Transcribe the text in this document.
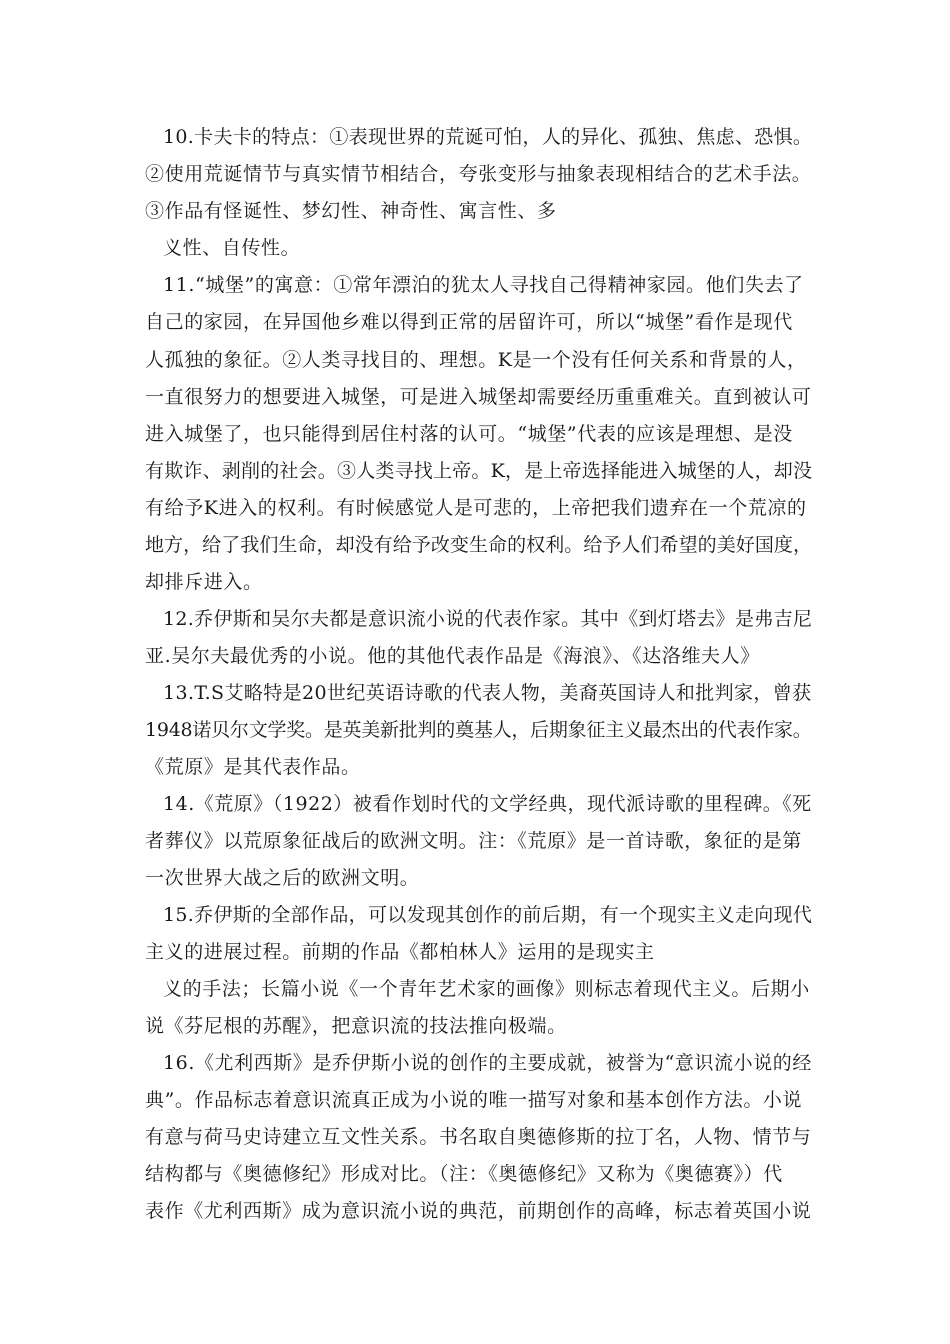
10.卡夫卡的特点：①表现世界的荒诞可怕，人的异化、孤独、焦虑、恐惧。
②使用荒诞情节与真实情节相结合，夸张变形与抽象表现相结合的艺术手法。
③作品有怪诞性、梦幻性、神奇性、寓言性、多
义性、自传性。
11.“城堡”的寓意：①常年漂泊的犹太人寻找自己得精神家园。他们失去了
自己的家园，在异国他乡难以得到正常的居留许可，所以“城堡”看作是现代
人孤独的象征。②人类寻找目的、理想。K是一个没有任何关系和背景的人，
一直很努力的想要进入城堡，可是进入城堡却需要经历重重难关。直到被认可
进入城堡了，也只能得到居住村落的认可。“城堡”代表的应该是理想、是没
有欺诈、剥削的社会。③人类寻找上帝。K，是上帝选择能进入城堡的人，却没
有给予K进入的权利。有时候感觉人是可悲的，上帝把我们遗弃在一个荒凉的
地方，给了我们生命，却没有给予改变生命的权利。给予人们希望的美好国度，
却排斥进入。
12.乔伊斯和吴尔夫都是意识流小说的代表作家。其中《到灯塔去》是弗吉尼
亚.吴尔夫最优秀的小说。他的其他代表作品是《海浪》、《达洛维夫人》
13.T.S艾略特是20世纪英语诗歌的代表人物，美裔英国诗人和批判家，曾获
1948诺贝尔文学奖。是英美新批判的奠基人，后期象征主义最杰出的代表作家。
《荒原》是其代表作品。
14.《荒原》（1922）被看作划时代的文学经典，现代派诗歌的里程碑。《死
者葬仪》以荒原象征战后的欧洲文明。注：《荒原》是一首诗歌，象征的是第
一次世界大战之后的欧洲文明。
15.乔伊斯的全部作品，可以发现其创作的前后期，有一个现实主义走向现代
主义的进展过程。前期的作品《都柏林人》运用的是现实主
义的手法；长篇小说《一个青年艺术家的画像》则标志着现代主义。后期小
说《芬尼根的苏醒》，把意识流的技法推向极端。
16.《尤利西斯》是乔伊斯小说的创作的主要成就，被誉为“意识流小说的经
典”。作品标志着意识流真正成为小说的唯一描写对象和基本创作方法。小说
有意与荷马史诗建立互文性关系。书名取自奥德修斯的拉丁名，人物、情节与
结构都与《奥德修纪》形成对比。（注：《奥德修纪》又称为《奥德赛》）代
表作《尤利西斯》成为意识流小说的典范，前期创作的高峰，标志着英国小说
